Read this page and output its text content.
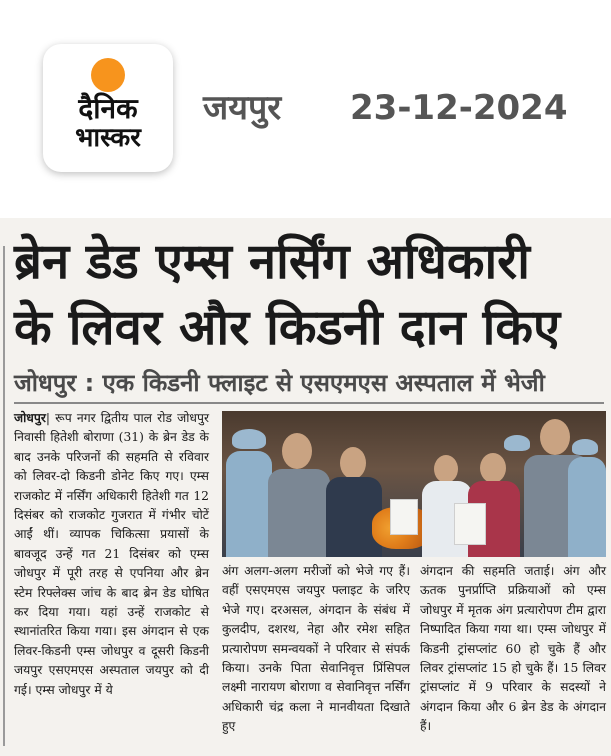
दैनिक
भास्कर
जयपुर 23-12-2024
ब्रेन डेड एम्स नर्सिंग अधिकारी
के लिवर और किडनी दान किए
जोधपुर : एक किडनी फ्लाइट से एसएमएस अस्पताल में भेजी

जोधपुर| रूप नगर द्वितीय पाल रोड जोधपुर निवासी हितेशी बोराणा (31) के ब्रेन डेड के बाद उनके परिजनों की सहमति से रविवार को लिवर-दो किडनी डोनेट किए गए। एम्स राजकोट में नर्सिंग अधिकारी हितेशी गत 12 दिसंबर को राजकोट गुजरात में गंभीर चोटें आईं थीं। व्यापक चिकित्सा प्रयासों के बावजूद उन्हें गत 21 दिसंबर को एम्स जोधपुर में पूरी तरह से एपनिया और ब्रेन स्टेम रिफ्लेक्स जांच के बाद ब्रेन डेड घोषित कर दिया गया। यहां उन्हें राजकोट से स्थानांतरित किया गया। इस अंगदान से एक लिवर-किडनी एम्स जोधपुर व दूसरी किडनी जयपुर एसएमएस अस्पताल जयपुर को दी गई। एम्स जोधपुर में ये

अंग अलग-अलग मरीजों को भेजे गए हैं। वहीं एसएमएस जयपुर फ्लाइट के जरिए भेजे गए। दरअसल, अंगदान के संबंध में कुलदीप, दशरथ, नेहा और रमेश सहित प्रत्यारोपण समन्वयकों ने परिवार से संपर्क किया। उनके पिता सेवानिवृत्त प्रिंसिपल लक्ष्मी नारायण बोराणा व सेवानिवृत्त नर्सिंग अधिकारी चंद्र कला ने मानवीयता दिखाते हुए

अंगदान की सहमति जताई। अंग और ऊतक पुनर्प्राप्ति प्रक्रियाओं को एम्स जोधपुर में मृतक अंग प्रत्यारोपण टीम द्वारा निष्पादित किया गया था। एम्स जोधपुर में किडनी ट्रांसप्लांट 60 हो चुके हैं और लिवर ट्रांसप्लांट 15 हो चुके हैं। 15 लिवर ट्रांसप्लांट में 9 परिवार के सदस्यों ने अंगदान किया और 6 ब्रेन डेड के अंगदान हैं।
